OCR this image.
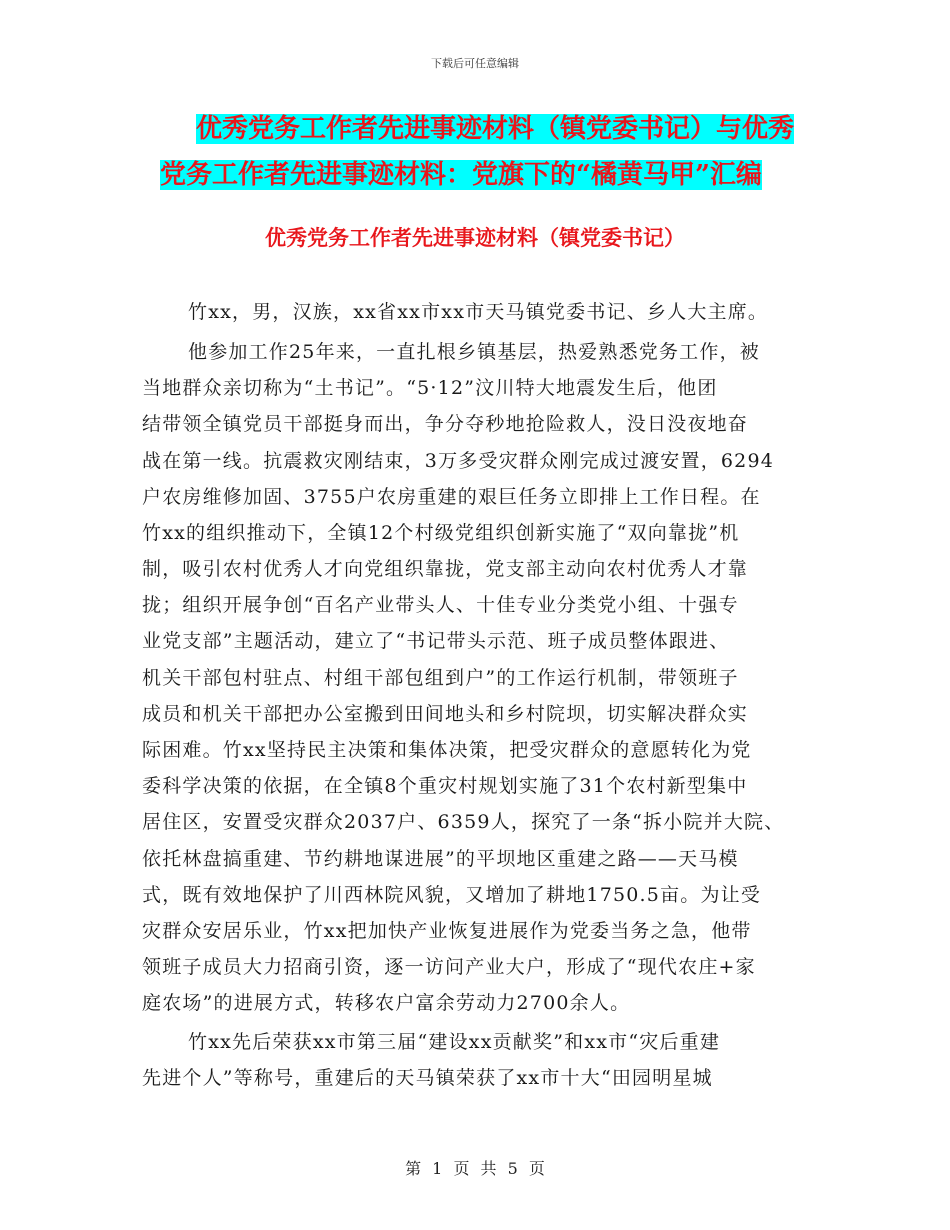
下载后可任意编辑
优秀党务工作者先进事迹材料（镇党委书记）与优秀
党务工作者先进事迹材料：党旗下的“橘黄马甲”汇编
优秀党务工作者先进事迹材料（镇党委书记）
竹xx，男，汉族，xx省xx市xx市天马镇党委书记、乡人大主席。
他参加工作25年来，一直扎根乡镇基层，热爱熟悉党务工作，被
当地群众亲切称为“土书记”。“5·12”汶川特大地震发生后，他团
结带领全镇党员干部挺身而出，争分夺秒地抢险救人，没日没夜地奋
战在第一线。抗震救灾刚结束，3万多受灾群众刚完成过渡安置，6294
户农房维修加固、3755户农房重建的艰巨任务立即排上工作日程。在
竹xx的组织推动下，全镇12个村级党组织创新实施了“双向靠拢”机
制，吸引农村优秀人才向党组织靠拢，党支部主动向农村优秀人才靠
拢；组织开展争创“百名产业带头人、十佳专业分类党小组、十强专
业党支部”主题活动，建立了“书记带头示范、班子成员整体跟进、
机关干部包村驻点、村组干部包组到户”的工作运行机制，带领班子
成员和机关干部把办公室搬到田间地头和乡村院坝，切实解决群众实
际困难。竹xx坚持民主决策和集体决策，把受灾群众的意愿转化为党
委科学决策的依据，在全镇8个重灾村规划实施了31个农村新型集中
居住区，安置受灾群众2037户、6359人，探究了一条“拆小院并大院、
依托林盘搞重建、节约耕地谋进展”的平坝地区重建之路——天马模
式，既有效地保护了川西林院风貌，又增加了耕地1750.5亩。为让受
灾群众安居乐业，竹xx把加快产业恢复进展作为党委当务之急，他带
领班子成员大力招商引资，逐一访问产业大户，形成了“现代农庄+家
庭农场”的进展方式，转移农户富余劳动力2700余人。
竹xx先后荣获xx市第三届“建设xx贡献奖”和xx市“灾后重建
先进个人”等称号，重建后的天马镇荣获了xx市十大“田园明星城
第 1 页 共 5 页
